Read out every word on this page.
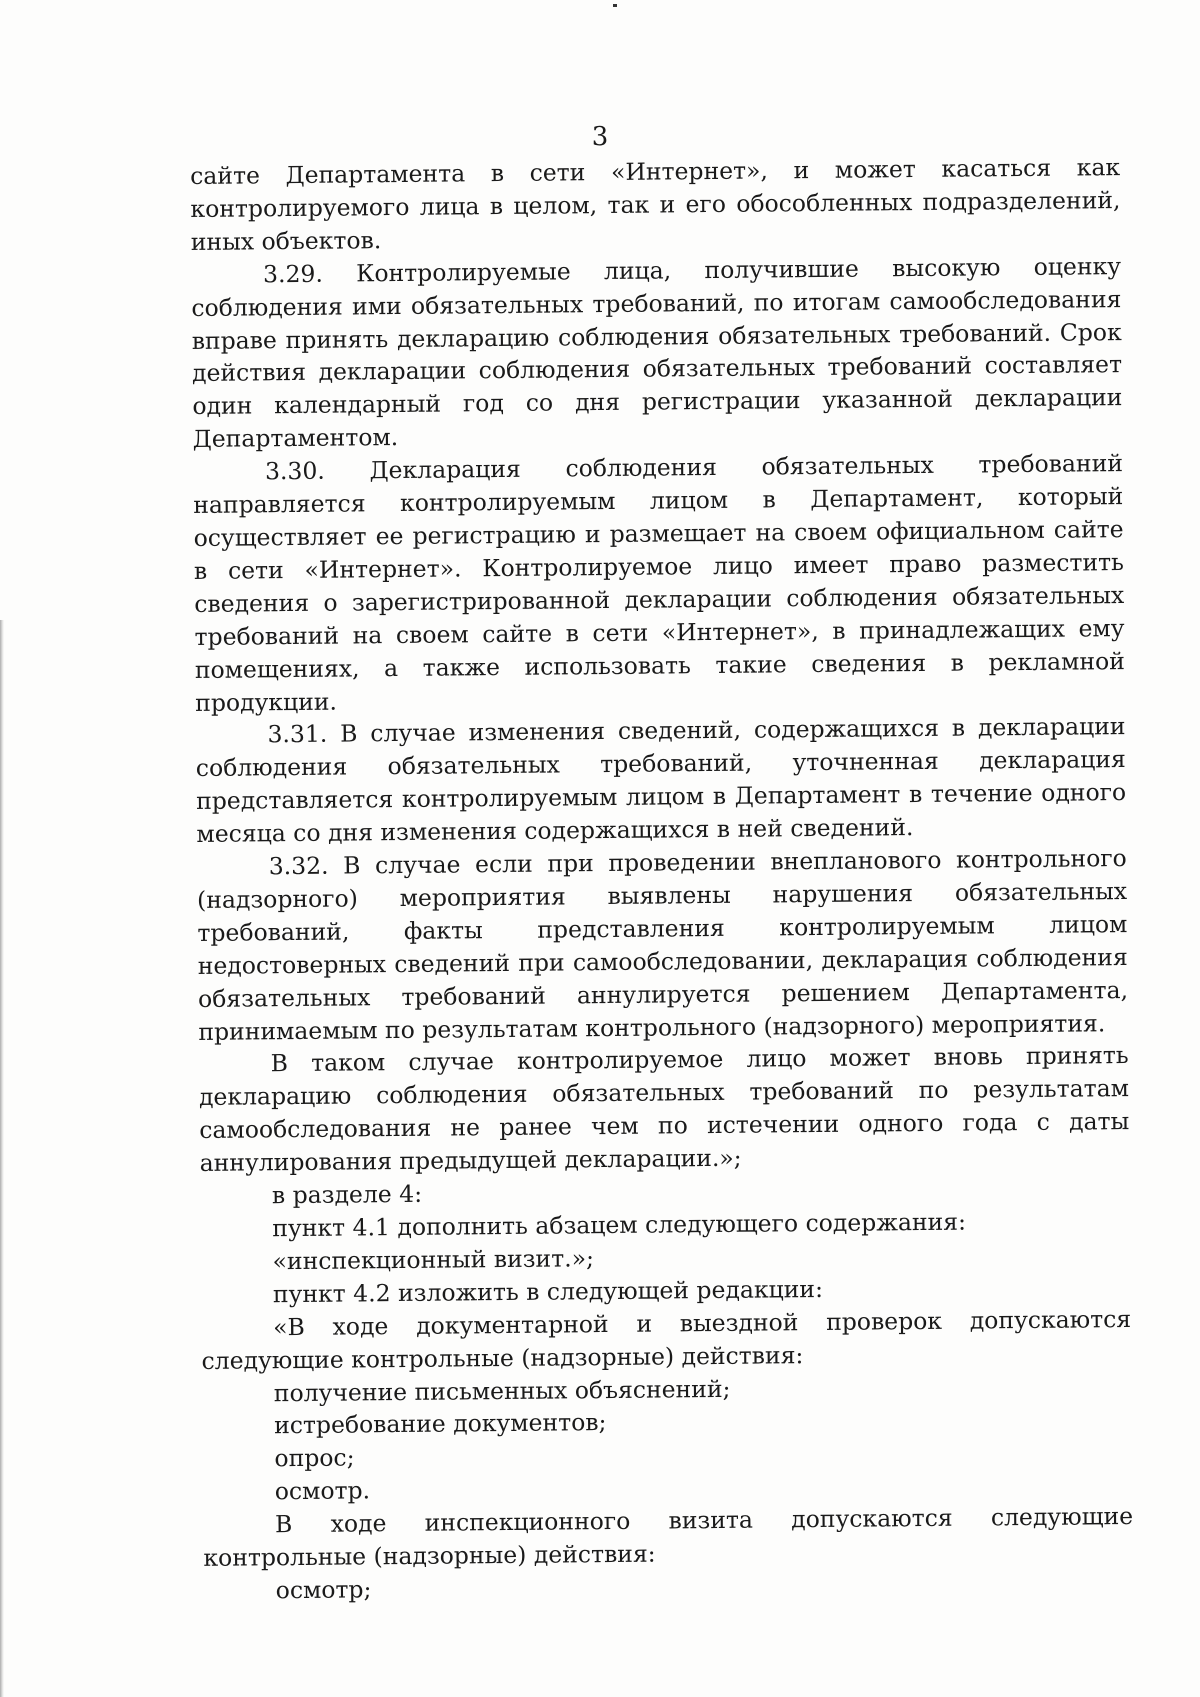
3

сайте Департамента в сети «Интернет», и может касаться как контролируемого лица в целом, так и его обособленных подразделений, иных объектов.

3.29. Контролируемые лица, получившие высокую оценку соблюдения ими обязательных требований, по итогам самообследования вправе принять декларацию соблюдения обязательных требований. Срок действия декларации соблюдения обязательных требований составляет один календарный год со дня регистрации указанной декларации Департаментом.

3.30. Декларация соблюдения обязательных требований направляется контролируемым лицом в Департамент, который осуществляет ее регистрацию и размещает на своем официальном сайте в сети «Интернет». Контролируемое лицо имеет право разместить сведения о зарегистрированной декларации соблюдения обязательных требований на своем сайте в сети «Интернет», в принадлежащих ему помещениях, а также использовать такие сведения в рекламной продукции.

3.31. В случае изменения сведений, содержащихся в декларации соблюдения обязательных требований, уточненная декларация представляется контролируемым лицом в Департамент в течение одного месяца со дня изменения содержащихся в ней сведений.

3.32. В случае если при проведении внепланового контрольного (надзорного) мероприятия выявлены нарушения обязательных требований, факты представления контролируемым лицом недостоверных сведений при самообследовании, декларация соблюдения обязательных требований аннулируется решением Департамента, принимаемым по результатам контрольного (надзорного) мероприятия.

В таком случае контролируемое лицо может вновь принять декларацию соблюдения обязательных требований по результатам самообследования не ранее чем по истечении одного года с даты аннулирования предыдущей декларации.»;

в разделе 4:

пункт 4.1 дополнить абзацем следующего содержания:

«инспекционный визит.»;

пункт 4.2 изложить в следующей редакции:

«В ходе документарной и выездной проверок допускаются следующие контрольные (надзорные) действия:

получение письменных объяснений;

истребование документов;

опрос;

осмотр.

В ходе инспекционного визита допускаются следующие контрольные (надзорные) действия:

осмотр;
